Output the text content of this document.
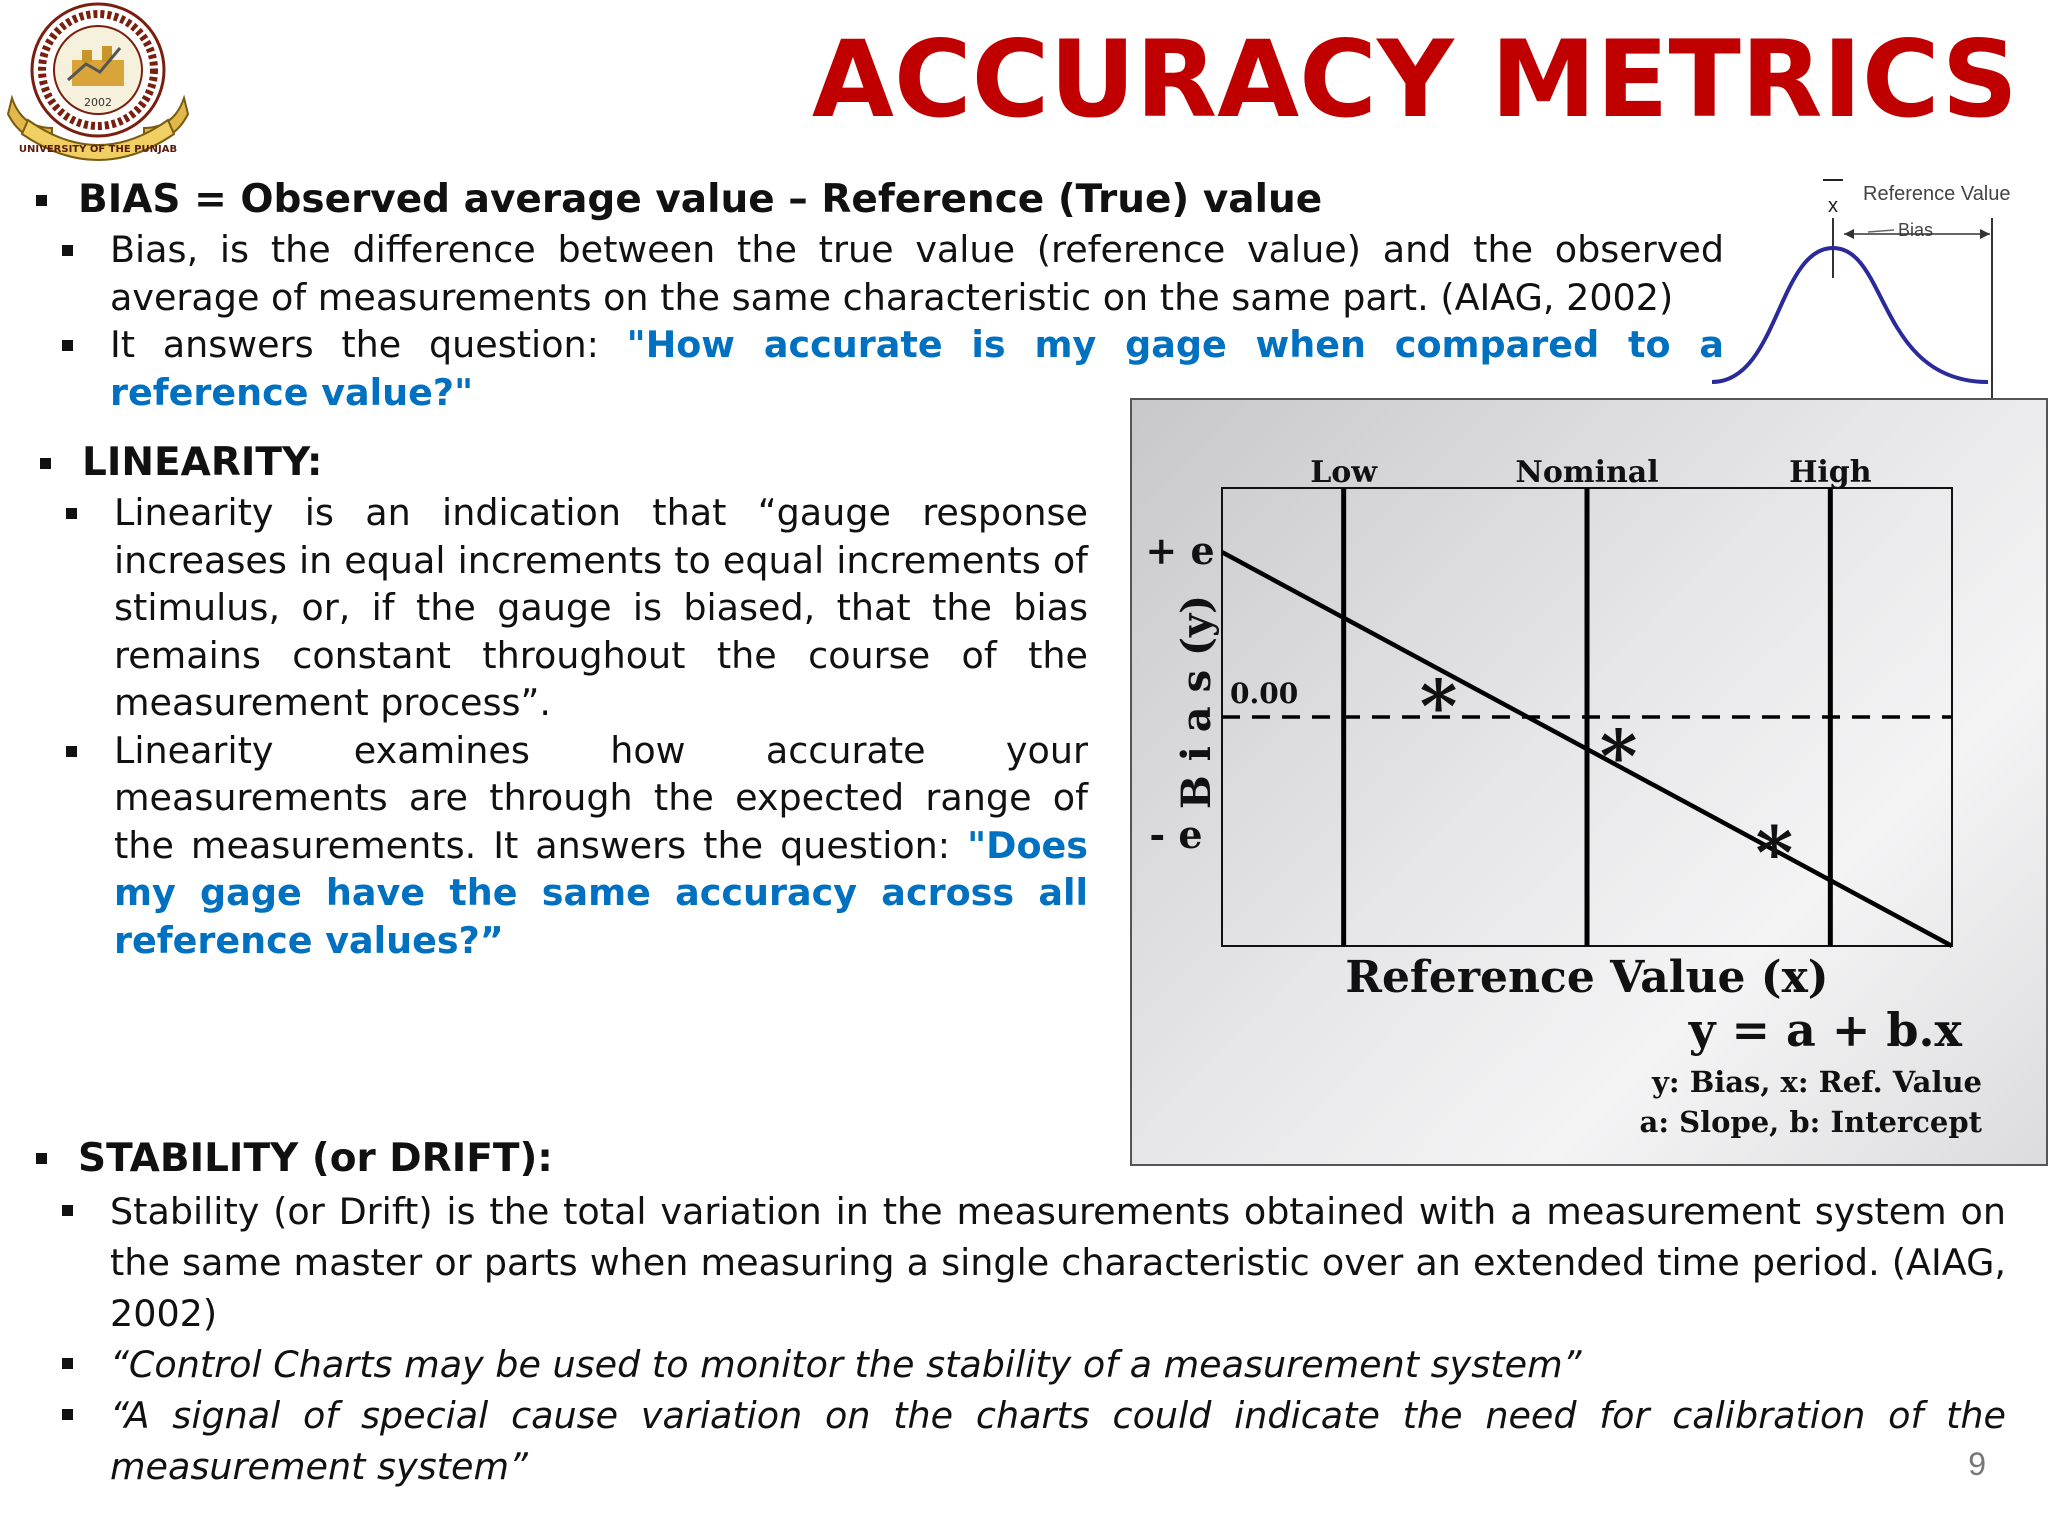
2002
UNIVERSITY OF THE PUNJAB
ACCURACY METRICS
x
Reference Value
Bias
BIAS = Observed average value – Reference (True) value
Bias, is the difference between the true value (reference value) and the observed average of measurements on the same characteristic on the same part. (AIAG, 2002)
It answers the question: "How accurate is my gage when compared to a reference value?"
LINEARITY:
Linearity is an indication that “gauge response increases in equal increments to equal increments of stimulus, or, if the gauge is biased, that the bias remains constant throughout the course of the measurement process”.
Linearity examines how accurate your measurements are through the expected range of the measurements. It answers the question: "Does my gage have the same accuracy across all reference values?”
Low	Nominal	High
0.00 *
*
*
+ e
- e
B i a s (y)
Reference Value (x)
y = a + b.x
y: Bias, x: Ref. Value
a: Slope, b: Intercept
STABILITY (or DRIFT):
Stability (or Drift) is the total variation in the measurements obtained with a measurement system on the same master or parts when measuring a single characteristic over an extended time period. (AIAG, 2002)
“Control Charts may be used to monitor the stability of a measurement system”
“A signal of special cause variation on the charts could indicate the need for calibration of the measurement system”	9
